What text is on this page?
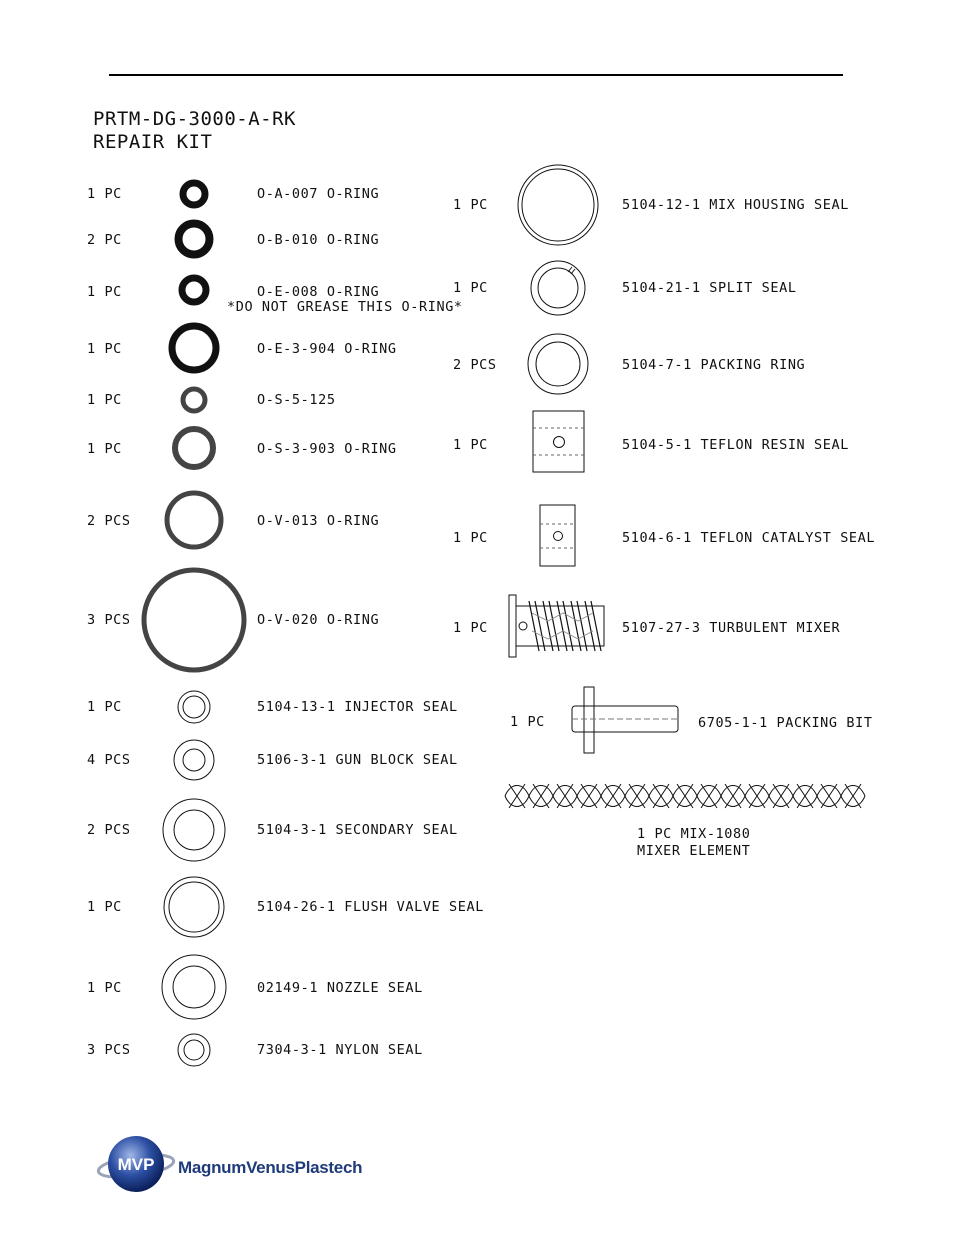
PRTM-DG-3000-A-RK
REPAIR KIT
1 PC	O-A-007 O-RING
2 PC	O-B-010 O-RING
1 PC	O-E-008 O-RING
*DO NOT GREASE THIS O-RING*
1 PC	O-E-3-904 O-RING
1 PC	O-S-5-125
1 PC	O-S-3-903 O-RING
2 PCS	O-V-013 O-RING
3 PCS	O-V-020 O-RING
1 PC	5104-13-1 INJECTOR SEAL
4 PCS	5106-3-1 GUN BLOCK SEAL
2 PCS	5104-3-1 SECONDARY SEAL
1 PC	5104-26-1 FLUSH VALVE SEAL
1 PC	02149-1 NOZZLE SEAL
3 PCS	7304-3-1 NYLON SEAL
1 PC	5104-12-1 MIX HOUSING SEAL
1 PC	5104-21-1 SPLIT SEAL
2 PCS	5104-7-1 PACKING RING
1 PC	5104-5-1 TEFLON RESIN SEAL
1 PC	5104-6-1 TEFLON CATALYST SEAL
1 PC	5107-27-3 TURBULENT MIXER
1 PC	6705-1-1 PACKING BIT
1 PC MIX-1080
MIXER ELEMENT
MVP MagnumVenusPlastech
